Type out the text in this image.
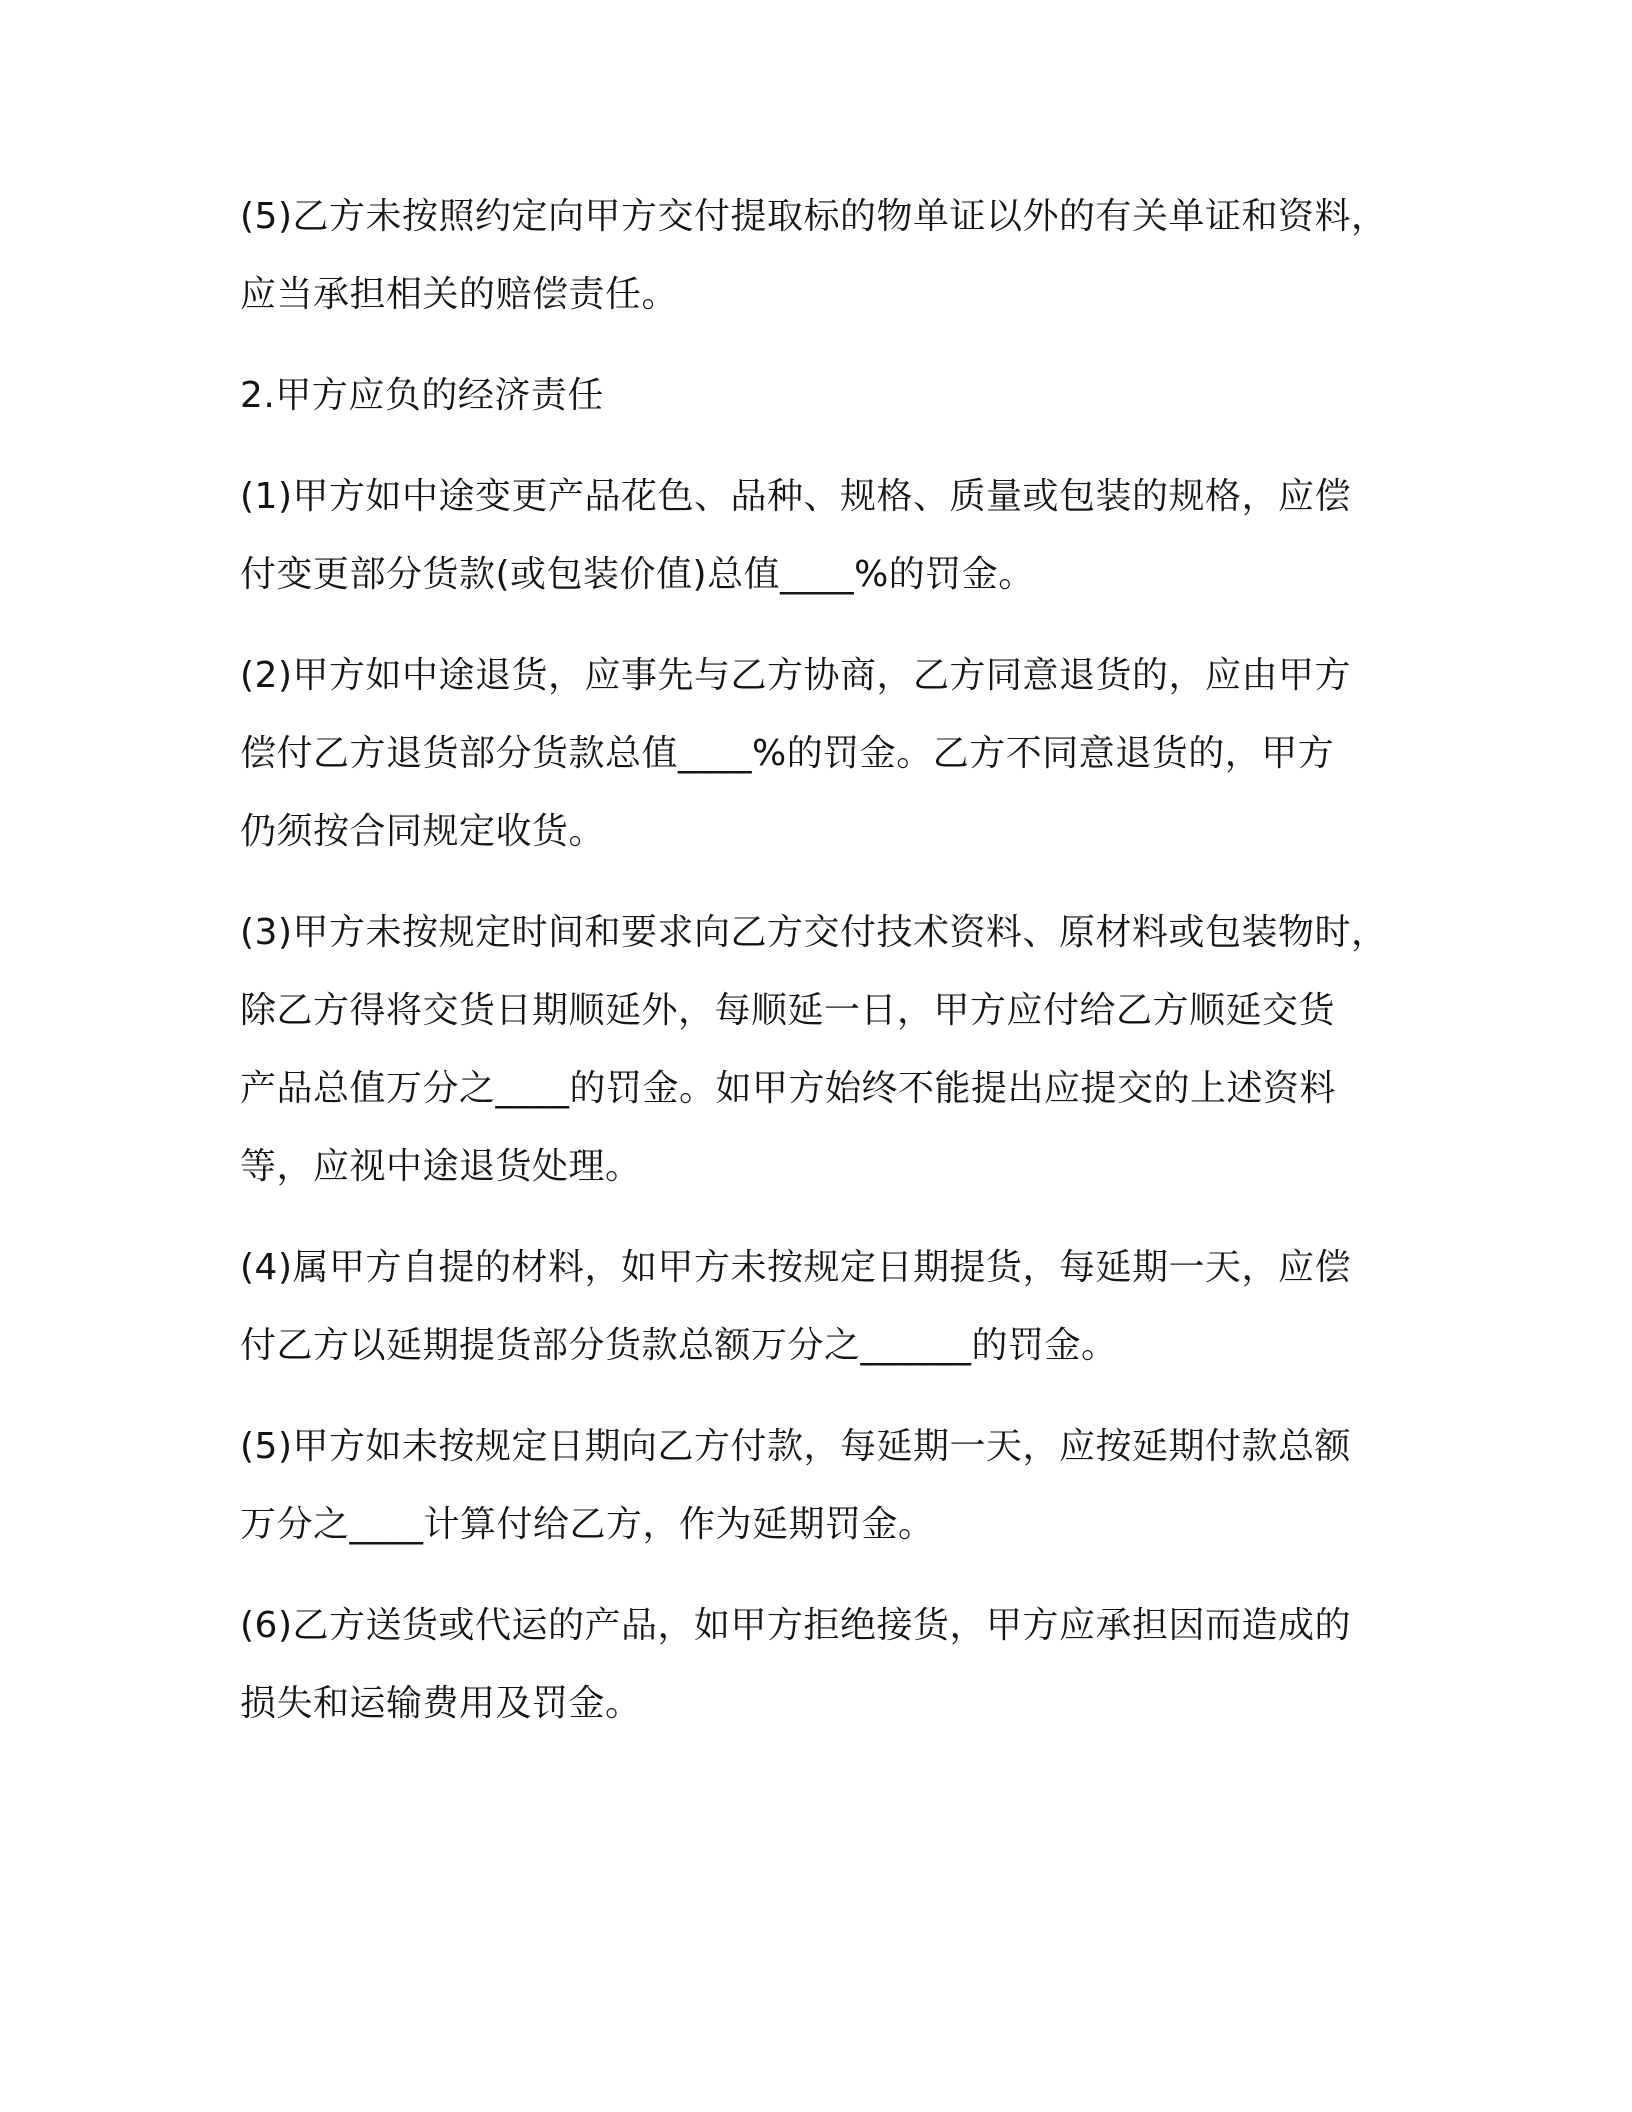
(5)乙方未按照约定向甲方交付提取标的物单证以外的有关单证和资料，
应当承担相关的赔偿责任。

2.甲方应负的经济责任

(1)甲方如中途变更产品花色、品种、规格、质量或包装的规格，应偿
付变更部分货款(或包装价值)总值____%的罚金。

(2)甲方如中途退货，应事先与乙方协商，乙方同意退货的，应由甲方
偿付乙方退货部分货款总值____%的罚金。乙方不同意退货的，甲方
仍须按合同规定收货。

(3)甲方未按规定时间和要求向乙方交付技术资料、原材料或包装物时，
除乙方得将交货日期顺延外，每顺延一日，甲方应付给乙方顺延交货
产品总值万分之____的罚金。如甲方始终不能提出应提交的上述资料
等，应视中途退货处理。

(4)属甲方自提的材料，如甲方未按规定日期提货，每延期一天，应偿
付乙方以延期提货部分货款总额万分之______的罚金。

(5)甲方如未按规定日期向乙方付款，每延期一天，应按延期付款总额
万分之____计算付给乙方，作为延期罚金。

(6)乙方送货或代运的产品，如甲方拒绝接货，甲方应承担因而造成的
损失和运输费用及罚金。
